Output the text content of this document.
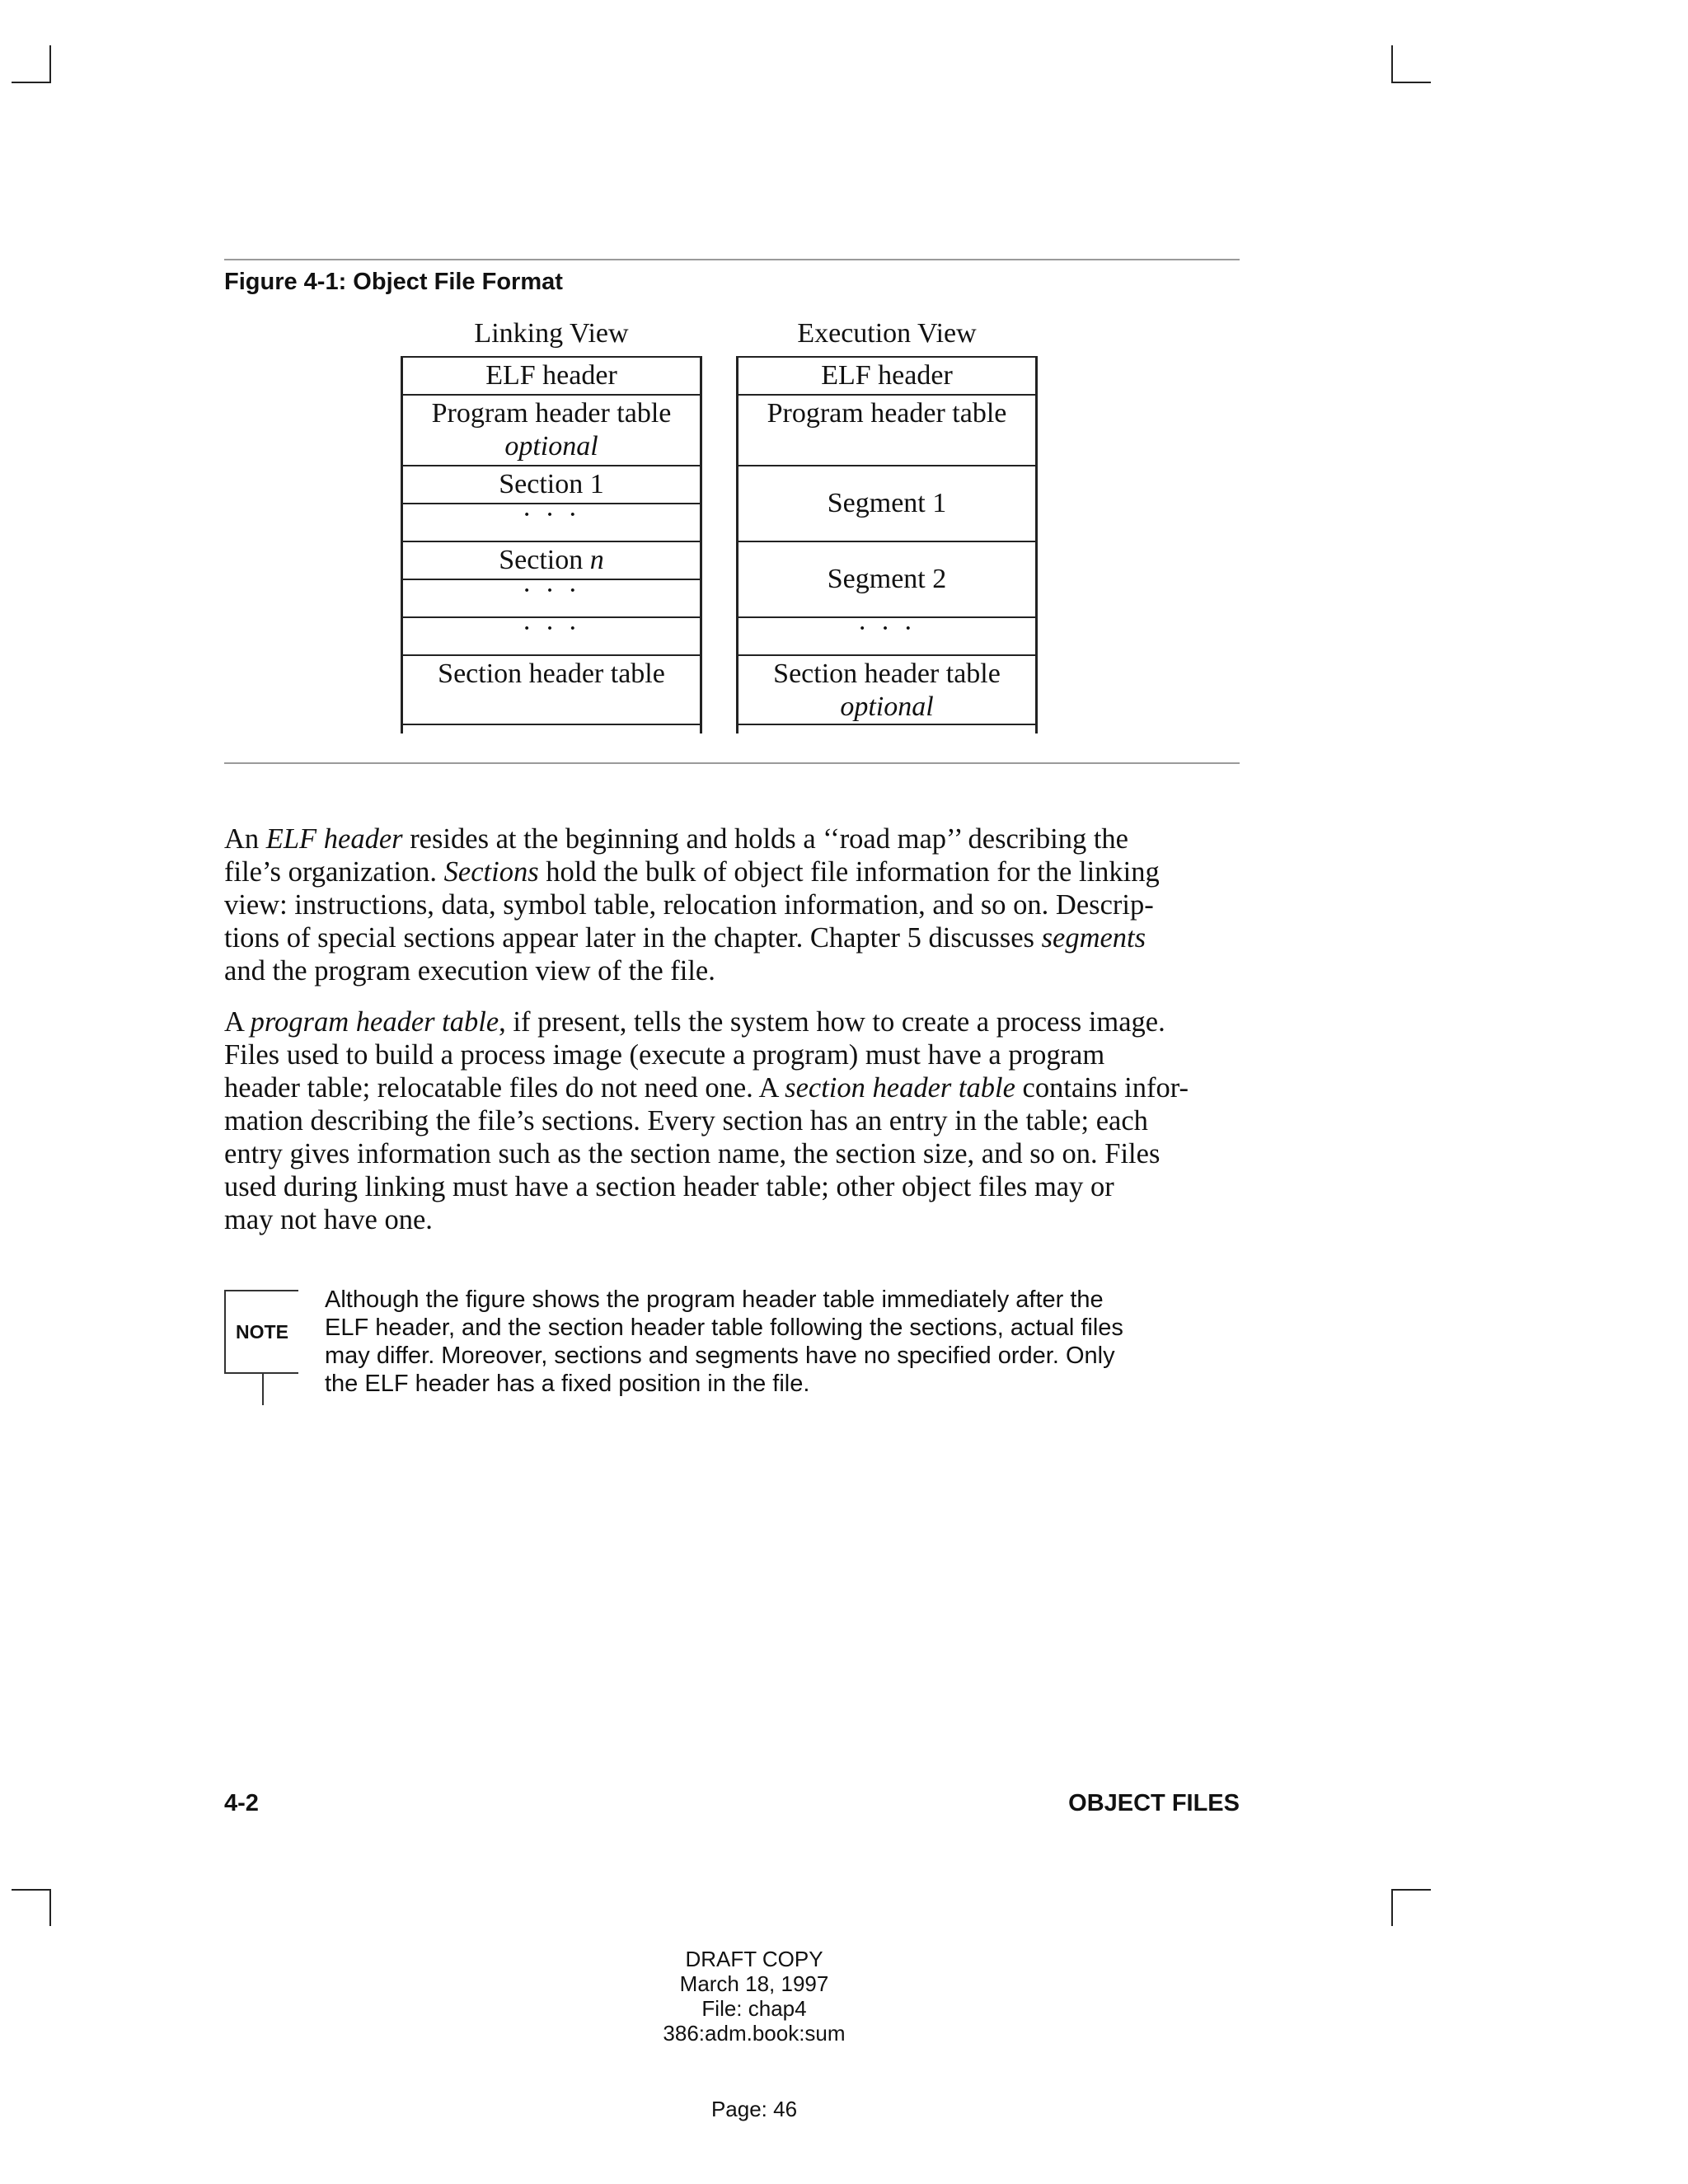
Figure 4-1: Object File Format
Linking View	Execution View
ELF header
Program header table
optional
Section 1
· · ·
Section n
· · ·
· · ·
Section header table
ELF header
Program header table
Segment 1
Segment 2
· · ·
Section header table
optional
An ELF header resides at the beginning and holds a ‘‘road map’’ describing the
file’s organization. Sections hold the bulk of object file information for the linking
view: instructions, data, symbol table, relocation information, and so on. Descrip-
tions of special sections appear later in the chapter. Chapter 5 discusses segments
and the program execution view of the file.
A program header table, if present, tells the system how to create a process image.
Files used to build a process image (execute a program) must have a program
header table; relocatable files do not need one. A section header table contains infor-
mation describing the file’s sections. Every section has an entry in the table; each
entry gives information such as the section name, the section size, and so on. Files
used during linking must have a section header table; other object files may or
may not have one.
NOTE
Although the figure shows the program header table immediately after the
ELF header, and the section header table following the sections, actual files
may differ. Moreover, sections and segments have no specified order. Only
the ELF header has a fixed position in the file.
4-2	OBJECT FILES
DRAFT COPY
March 18, 1997
File: chap4
386:adm.book:sum
Page: 46
